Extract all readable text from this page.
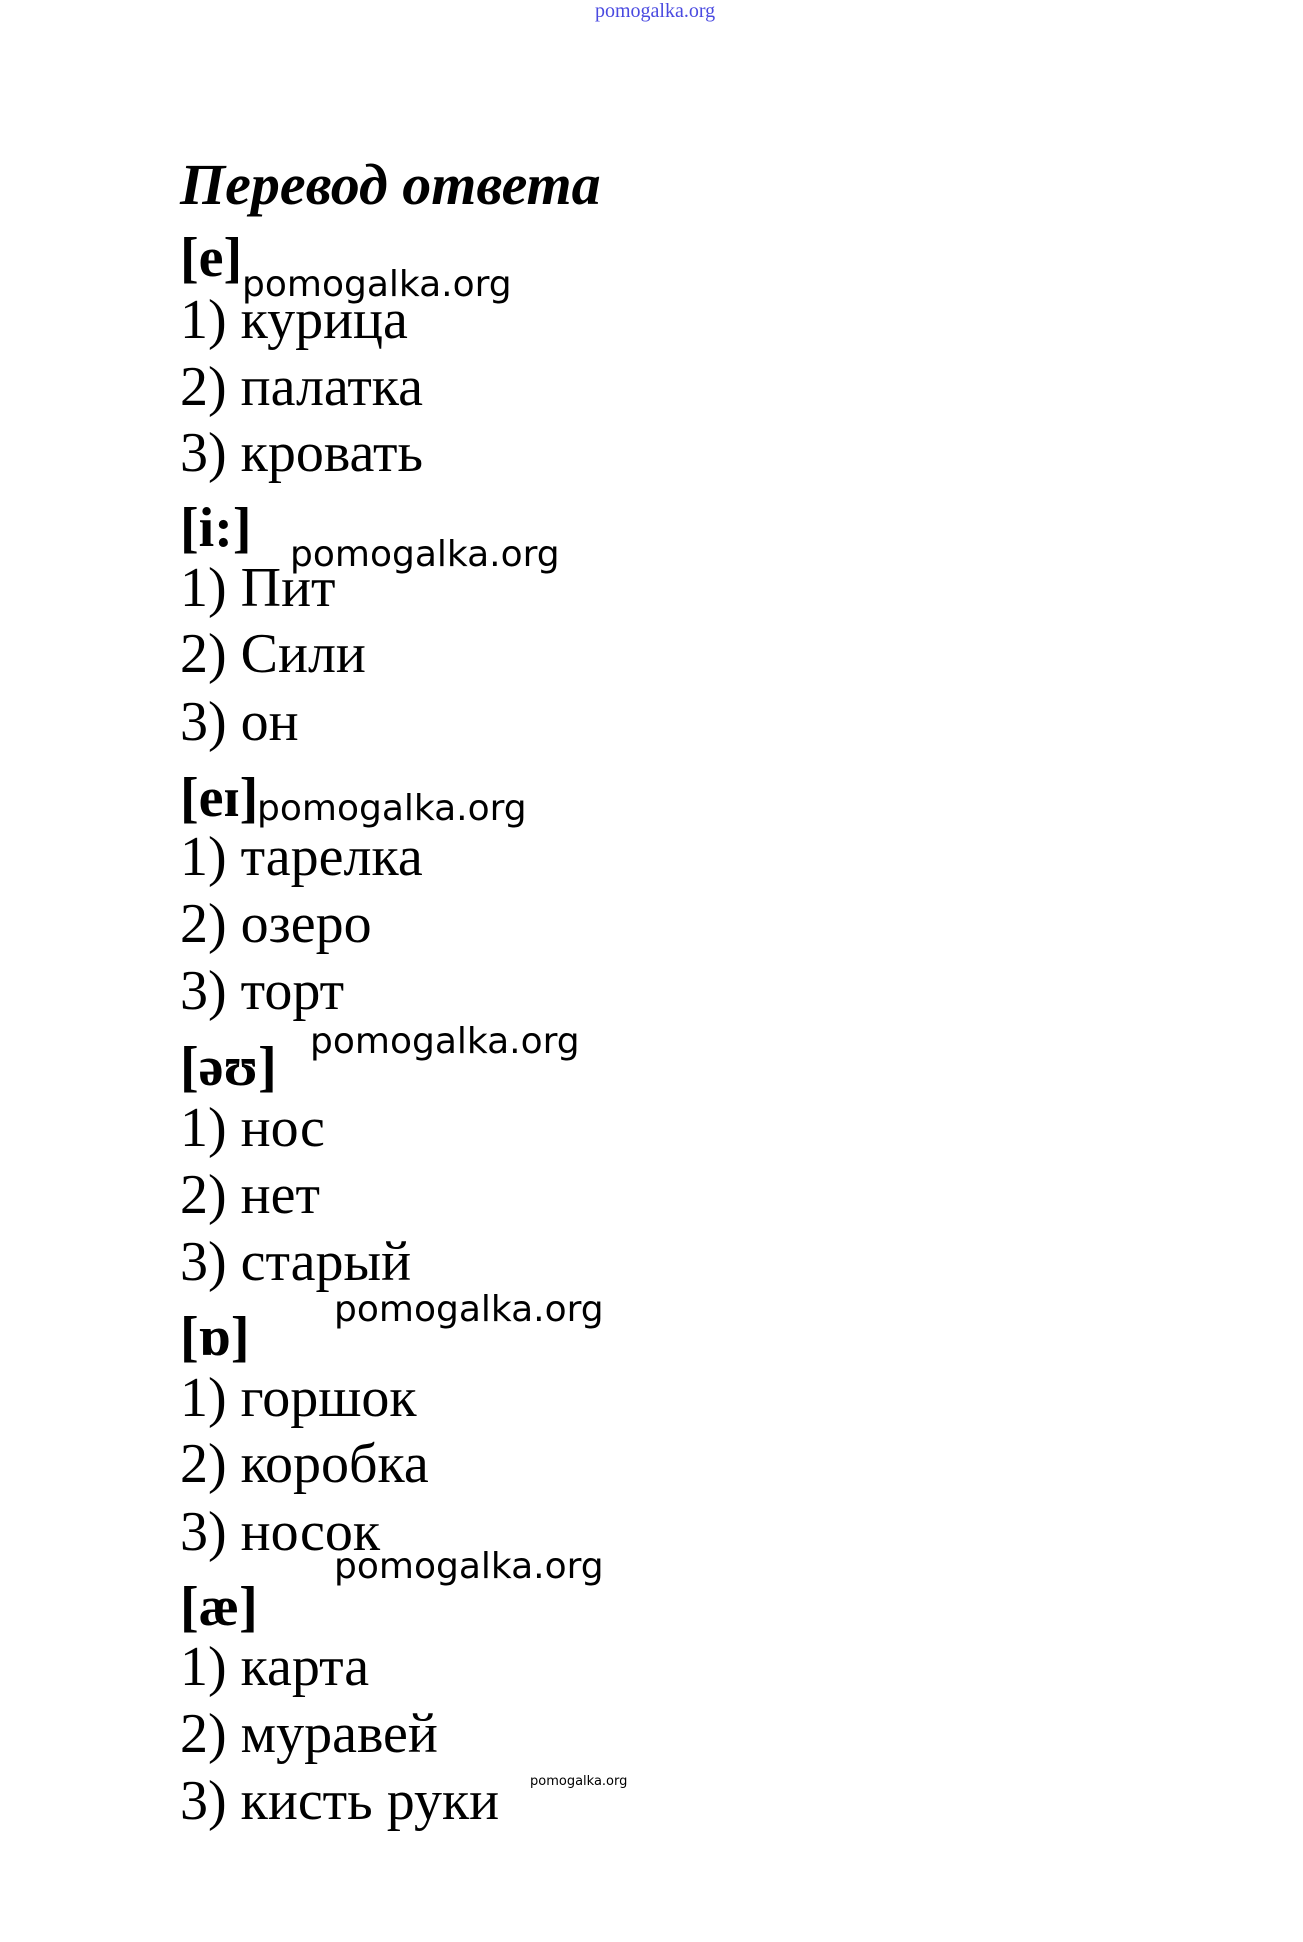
pomogalka.org
Перевод ответа
[e] pomogalka.org
1) курица
2) палатка
3) кровать
[i:] pomogalka.org
1) Пит
2) Сили
3) он
[eɪ]
pomogalka.org
1) тарелка
2) озеро
3) торт
[əʊ] pomogalka.org
1) нос
2) нет
3) старый
[ɒ] pomogalka.org
1) горшок
2) коробка
3) носок
[æ]
pomogalka.org
1) карта
2) муравей
3) кисть руки pomogalka.org
